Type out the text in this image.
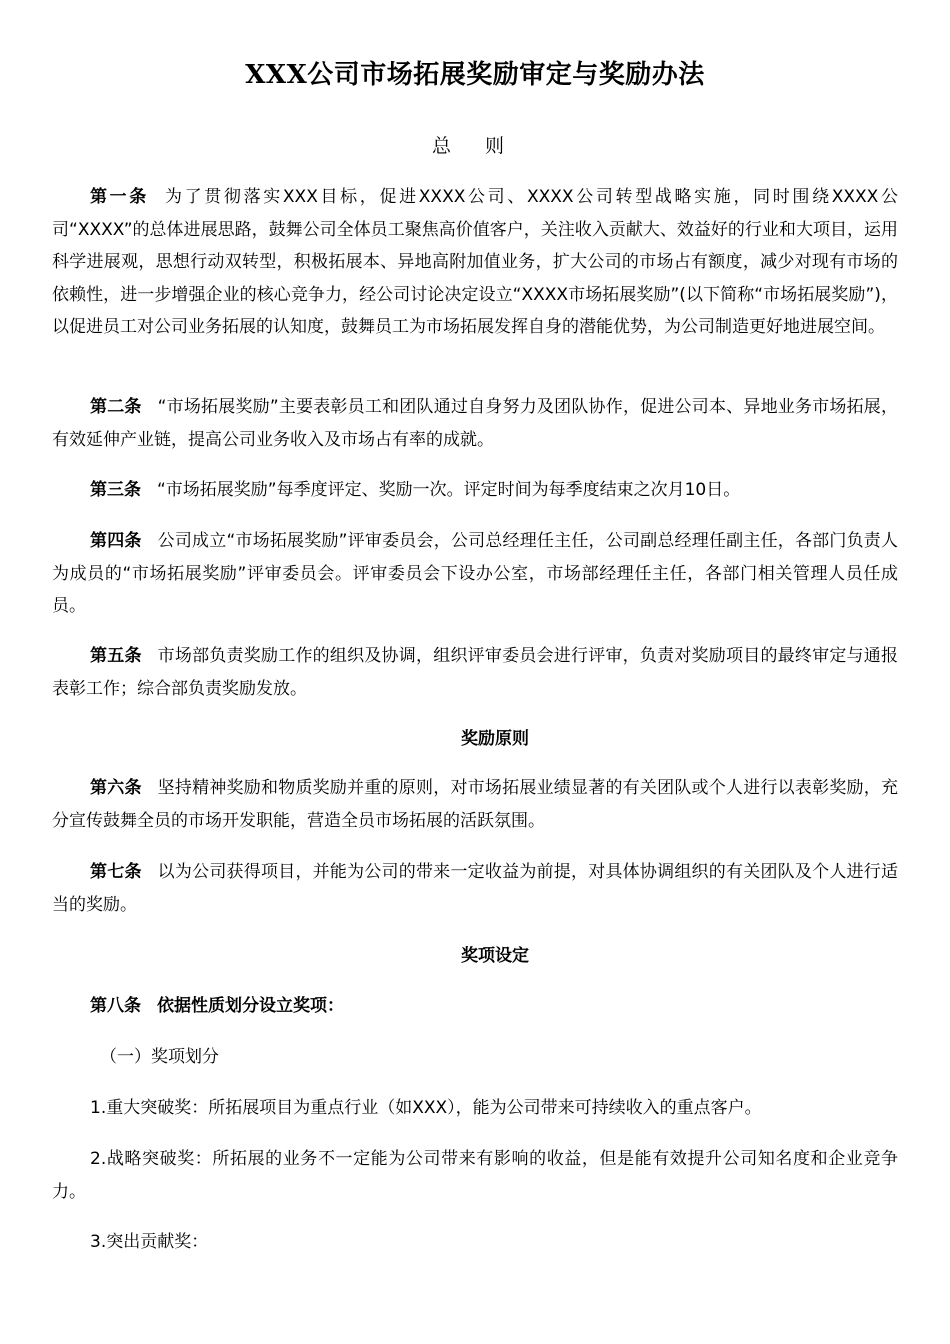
XXX公司市场拓展奖励审定与奖励办法
总 则

第一条 为了贯彻落实XXX目标，促进XXXX公司、XXXX公司转型战略实施，同时围绕XXXX公司“XXXX”的总体进展思路，鼓舞公司全体员工聚焦高价值客户，关注收入贡献大、效益好的行业和大项目，运用科学进展观，思想行动双转型，积极拓展本、异地高附加值业务，扩大公司的市场占有额度，减少对现有市场的依赖性，进一步增强企业的核心竞争力，经公司讨论决定设立“XXXX市场拓展奖励”(以下简称“市场拓展奖励”)，以促进员工对公司业务拓展的认知度，鼓舞员工为市场拓展发挥自身的潜能优势，为公司制造更好地进展空间。

第二条 “市场拓展奖励”主要表彰员工和团队通过自身努力及团队协作，促进公司本、异地业务市场拓展，有效延伸产业链，提高公司业务收入及市场占有率的成就。

第三条 “市场拓展奖励”每季度评定、奖励一次。评定时间为每季度结束之次月10日。

第四条 公司成立“市场拓展奖励”评审委员会，公司总经理任主任，公司副总经理任副主任，各部门负责人为成员的“市场拓展奖励”评审委员会。评审委员会下设办公室，市场部经理任主任，各部门相关管理人员任成员。

第五条 市场部负责奖励工作的组织及协调，组织评审委员会进行评审，负责对奖励项目的最终审定与通报表彰工作；综合部负责奖励发放。

奖励原则

第六条 坚持精神奖励和物质奖励并重的原则，对市场拓展业绩显著的有关团队或个人进行以表彰奖励，充分宣传鼓舞全员的市场开发职能，营造全员市场拓展的活跃氛围。

第七条 以为公司获得项目，并能为公司的带来一定收益为前提，对具体协调组织的有关团队及个人进行适当的奖励。

奖项设定

第八条 依据性质划分设立奖项：

（一）奖项划分

1.重大突破奖：所拓展项目为重点行业（如XXX），能为公司带来可持续收入的重点客户。

2.战略突破奖：所拓展的业务不一定能为公司带来有影响的收益，但是能有效提升公司知名度和企业竞争力。

3.突出贡献奖：
